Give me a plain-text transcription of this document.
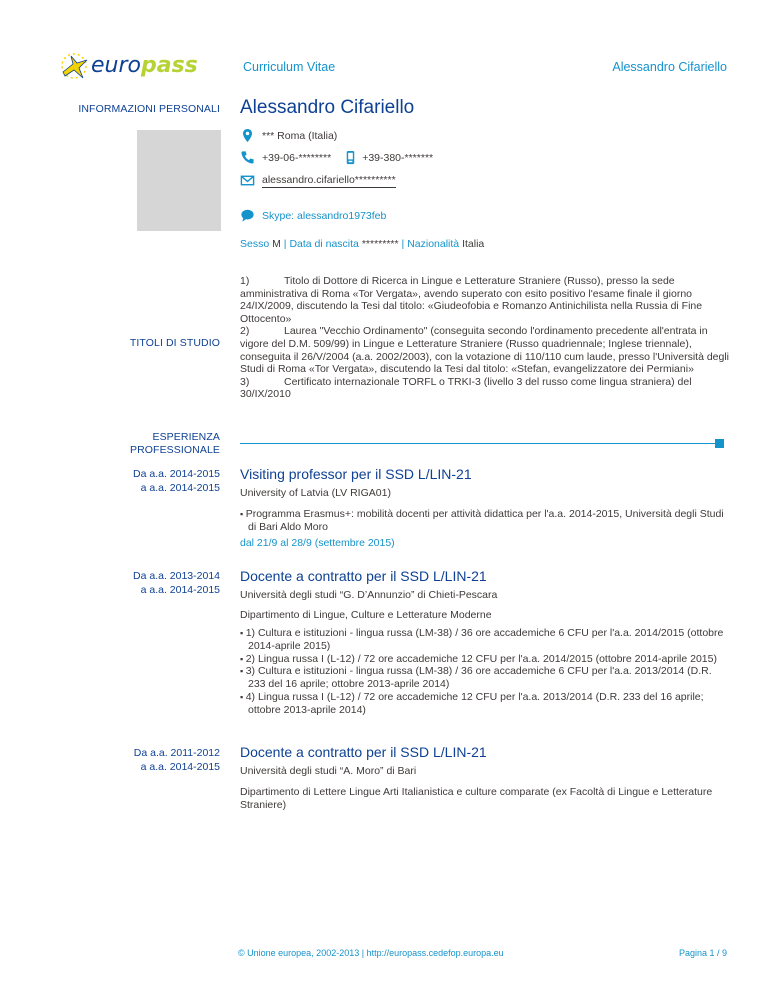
europass	Curriculum Vitae	Alessandro Cifariello
INFORMAZIONI PERSONALI Alessandro Cifariello
*** Roma (Italia)
+39-06-********	+39-380-*******
alessandro.cifariello**********
Skype: alessandro1973feb
Sesso M | Data di nascita ********* | Nazionalità Italia
TITOLI DI STUDIO
1)	Titolo di Dottore di Ricerca in Lingue e Letterature Straniere (Russo), presso la sede amministrativa di Roma «Tor Vergata», avendo superato con esito positivo l'esame finale il giorno 24/IX/2009, discutendo la Tesi dal titolo: «Giudeofobia e Romanzo Antinichilista nella Russia di Fine Ottocento»
2)	Laurea "Vecchio Ordinamento" (conseguita secondo l'ordinamento precedente all'entrata in vigore del D.M. 509/99) in Lingue e Letterature Straniere (Russo quadriennale; Inglese triennale), conseguita il 26/V/2004 (a.a. 2002/2003), con la votazione di 110/110 cum laude, presso l'Università degli Studi di Roma «Tor Vergata», discutendo la Tesi dal titolo: «Stefan, evangelizzatore dei Permiani»
3)	Certificato internazionale TORFL o TRKI-3 (livello 3 del russo come lingua straniera) del 30/IX/2010
ESPERIENZA
PROFESSIONALE
Da a.a. 2014-2015
a a.a. 2014-2015
Visiting professor per il SSD L/LIN-21
University of Latvia (LV RIGA01)
▪ Programma Erasmus+: mobilità docenti per attività didattica per l'a.a. 2014-2015, Università degli Studi di Bari Aldo Moro
dal 21/9 al 28/9 (settembre 2015)
Da a.a. 2013-2014
a a.a. 2014-2015
Docente a contratto per il SSD L/LIN-21
Università degli studi “G. D’Annunzio” di Chieti-Pescara
Dipartimento di Lingue, Culture e Letterature Moderne
▪ 1) Cultura e istituzioni - lingua russa (LM-38) / 36 ore accademiche 6 CFU per l'a.a. 2014/2015 (ottobre 2014-aprile 2015)
▪ 2) Lingua russa I (L-12) / 72 ore accademiche 12 CFU per l'a.a. 2014/2015 (ottobre 2014-aprile 2015)
▪ 3) Cultura e istituzioni - lingua russa (LM-38) / 36 ore accademiche 6 CFU per l'a.a. 2013/2014 (D.R. 233 del 16 aprile; ottobre 2013-aprile 2014)
▪ 4) Lingua russa I (L-12) / 72 ore accademiche 12 CFU per l'a.a. 2013/2014 (D.R. 233 del 16 aprile; ottobre 2013-aprile 2014)
Da a.a. 2011-2012
a a.a. 2014-2015
Docente a contratto per il SSD L/LIN-21
Università degli studi “A. Moro” di Bari
Dipartimento di Lettere Lingue Arti Italianistica e culture comparate (ex Facoltà di Lingue e Letterature Straniere)
© Unione europea, 2002-2013 | http://europass.cedefop.europa.eu	Pagina 1 / 9
